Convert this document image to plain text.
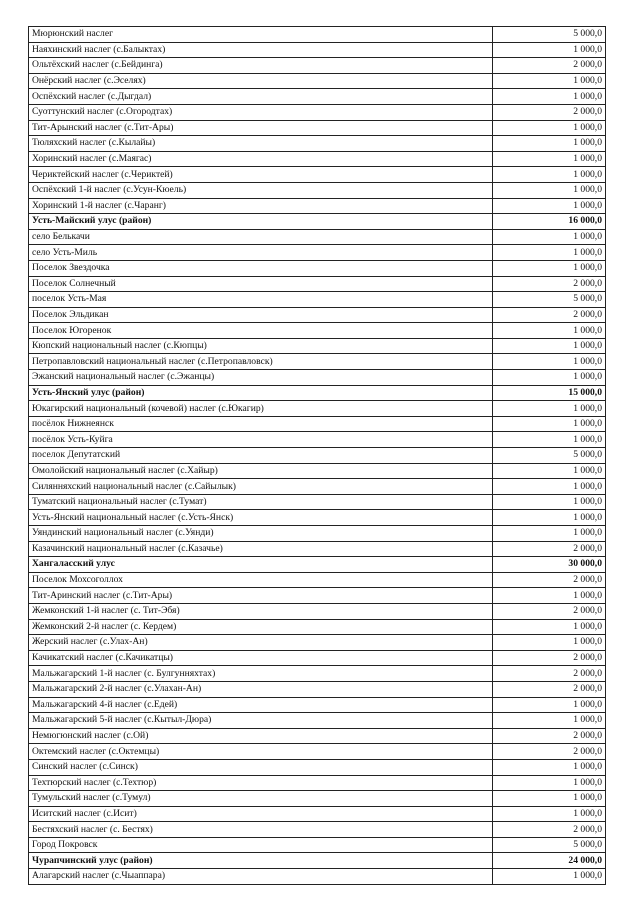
Мюрюнский наслег	5 000,0
Наяхинский наслег (с.Балыктах)	1 000,0
Ольтёхский наслег (с.Бейдинга)	2 000,0
Онёрский наслег (с.Эселях)	1 000,0
Оспёхский наслег (с.Дыгдал)	1 000,0
Суоттунский наслег (с.Огородтах)	2 000,0
Тит-Арынский наслег (с.Тит-Ары)	1 000,0
Тюляхский наслег (с.Кылайы)	1 000,0
Хоринский наслег (с.Маягас)	1 000,0
Чериктейский наслег (с.Чериктей)	1 000,0
Оспёхский 1-й наслег (с.Усун-Кюель)	1 000,0
Хоринский 1-й наслег (с.Чаранг)	1 000,0
Усть-Майский улус (район)	16 000,0
село Белькачи	1 000,0
село Усть-Миль	1 000,0
Поселок Звездочка	1 000,0
Поселок Солнечный	2 000,0
поселок Усть-Мая	5 000,0
Поселок Эльдикан	2 000,0
Поселок Югоренок	1 000,0
Кюпский национальный наслег (с.Кюпцы)	1 000,0
Петропавловский национальный наслег (с.Петропавловск)	1 000,0
Эжанский национальный наслег (с.Эжанцы)	1 000,0
Усть-Янский улус (район)	15 000,0
Юкагирский национальный (кочевой) наслег (с.Юкагир)	1 000,0
посёлок Нижнеянск	1 000,0
посёлок Усть-Куйга	1 000,0
поселок Депутатский	5 000,0
Омолойский национальный наслег (с.Хайыр)	1 000,0
Силянняхский национальный наслег (с.Сайылык)	1 000,0
Туматский национальный наслег (с.Тумат)	1 000,0
Усть-Янский национальный наслег (с.Усть-Янск)	1 000,0
Уяндинский национальный наслег (с.Уянди)	1 000,0
Казачинский национальный наслег (с.Казачье)	2 000,0
Хангаласский улус	30 000,0
Поселок Мохсоголлох	2 000,0
Тит-Аринский наслег (с.Тит-Ары)	1 000,0
Жемконский 1-й наслег (с. Тит-Эбя)	2 000,0
Жемконский 2-й наслег (с. Кердем)	1 000,0
Жерский наслег (с.Улах-Ан)	1 000,0
Качикатский наслег (с.Качикатцы)	2 000,0
Мальжагарский 1-й наслег (с. Булгунняхтах)	2 000,0
Мальжагарский 2-й наслег (с.Улахан-Ан)	2 000,0
Мальжагарский 4-й наслег (с.Едей)	1 000,0
Мальжагарский 5-й наслег (с.Кытыл-Дюра)	1 000,0
Немюгюнский наслег (с.Ой)	2 000,0
Октемский наслег (с.Октемцы)	2 000,0
Синский наслег (с.Синск)	1 000,0
Техтюрский наслег (с.Техтюр)	1 000,0
Тумульский наслег (с.Тумул)	1 000,0
Иситский наслег (с.Исит)	1 000,0
Бестяхский наслег (с. Бестях)	2 000,0
Город Покровск	5 000,0
Чурапчинский улус (район)	24 000,0
Алагарский наслег (с.Чыаппара)	1 000,0
